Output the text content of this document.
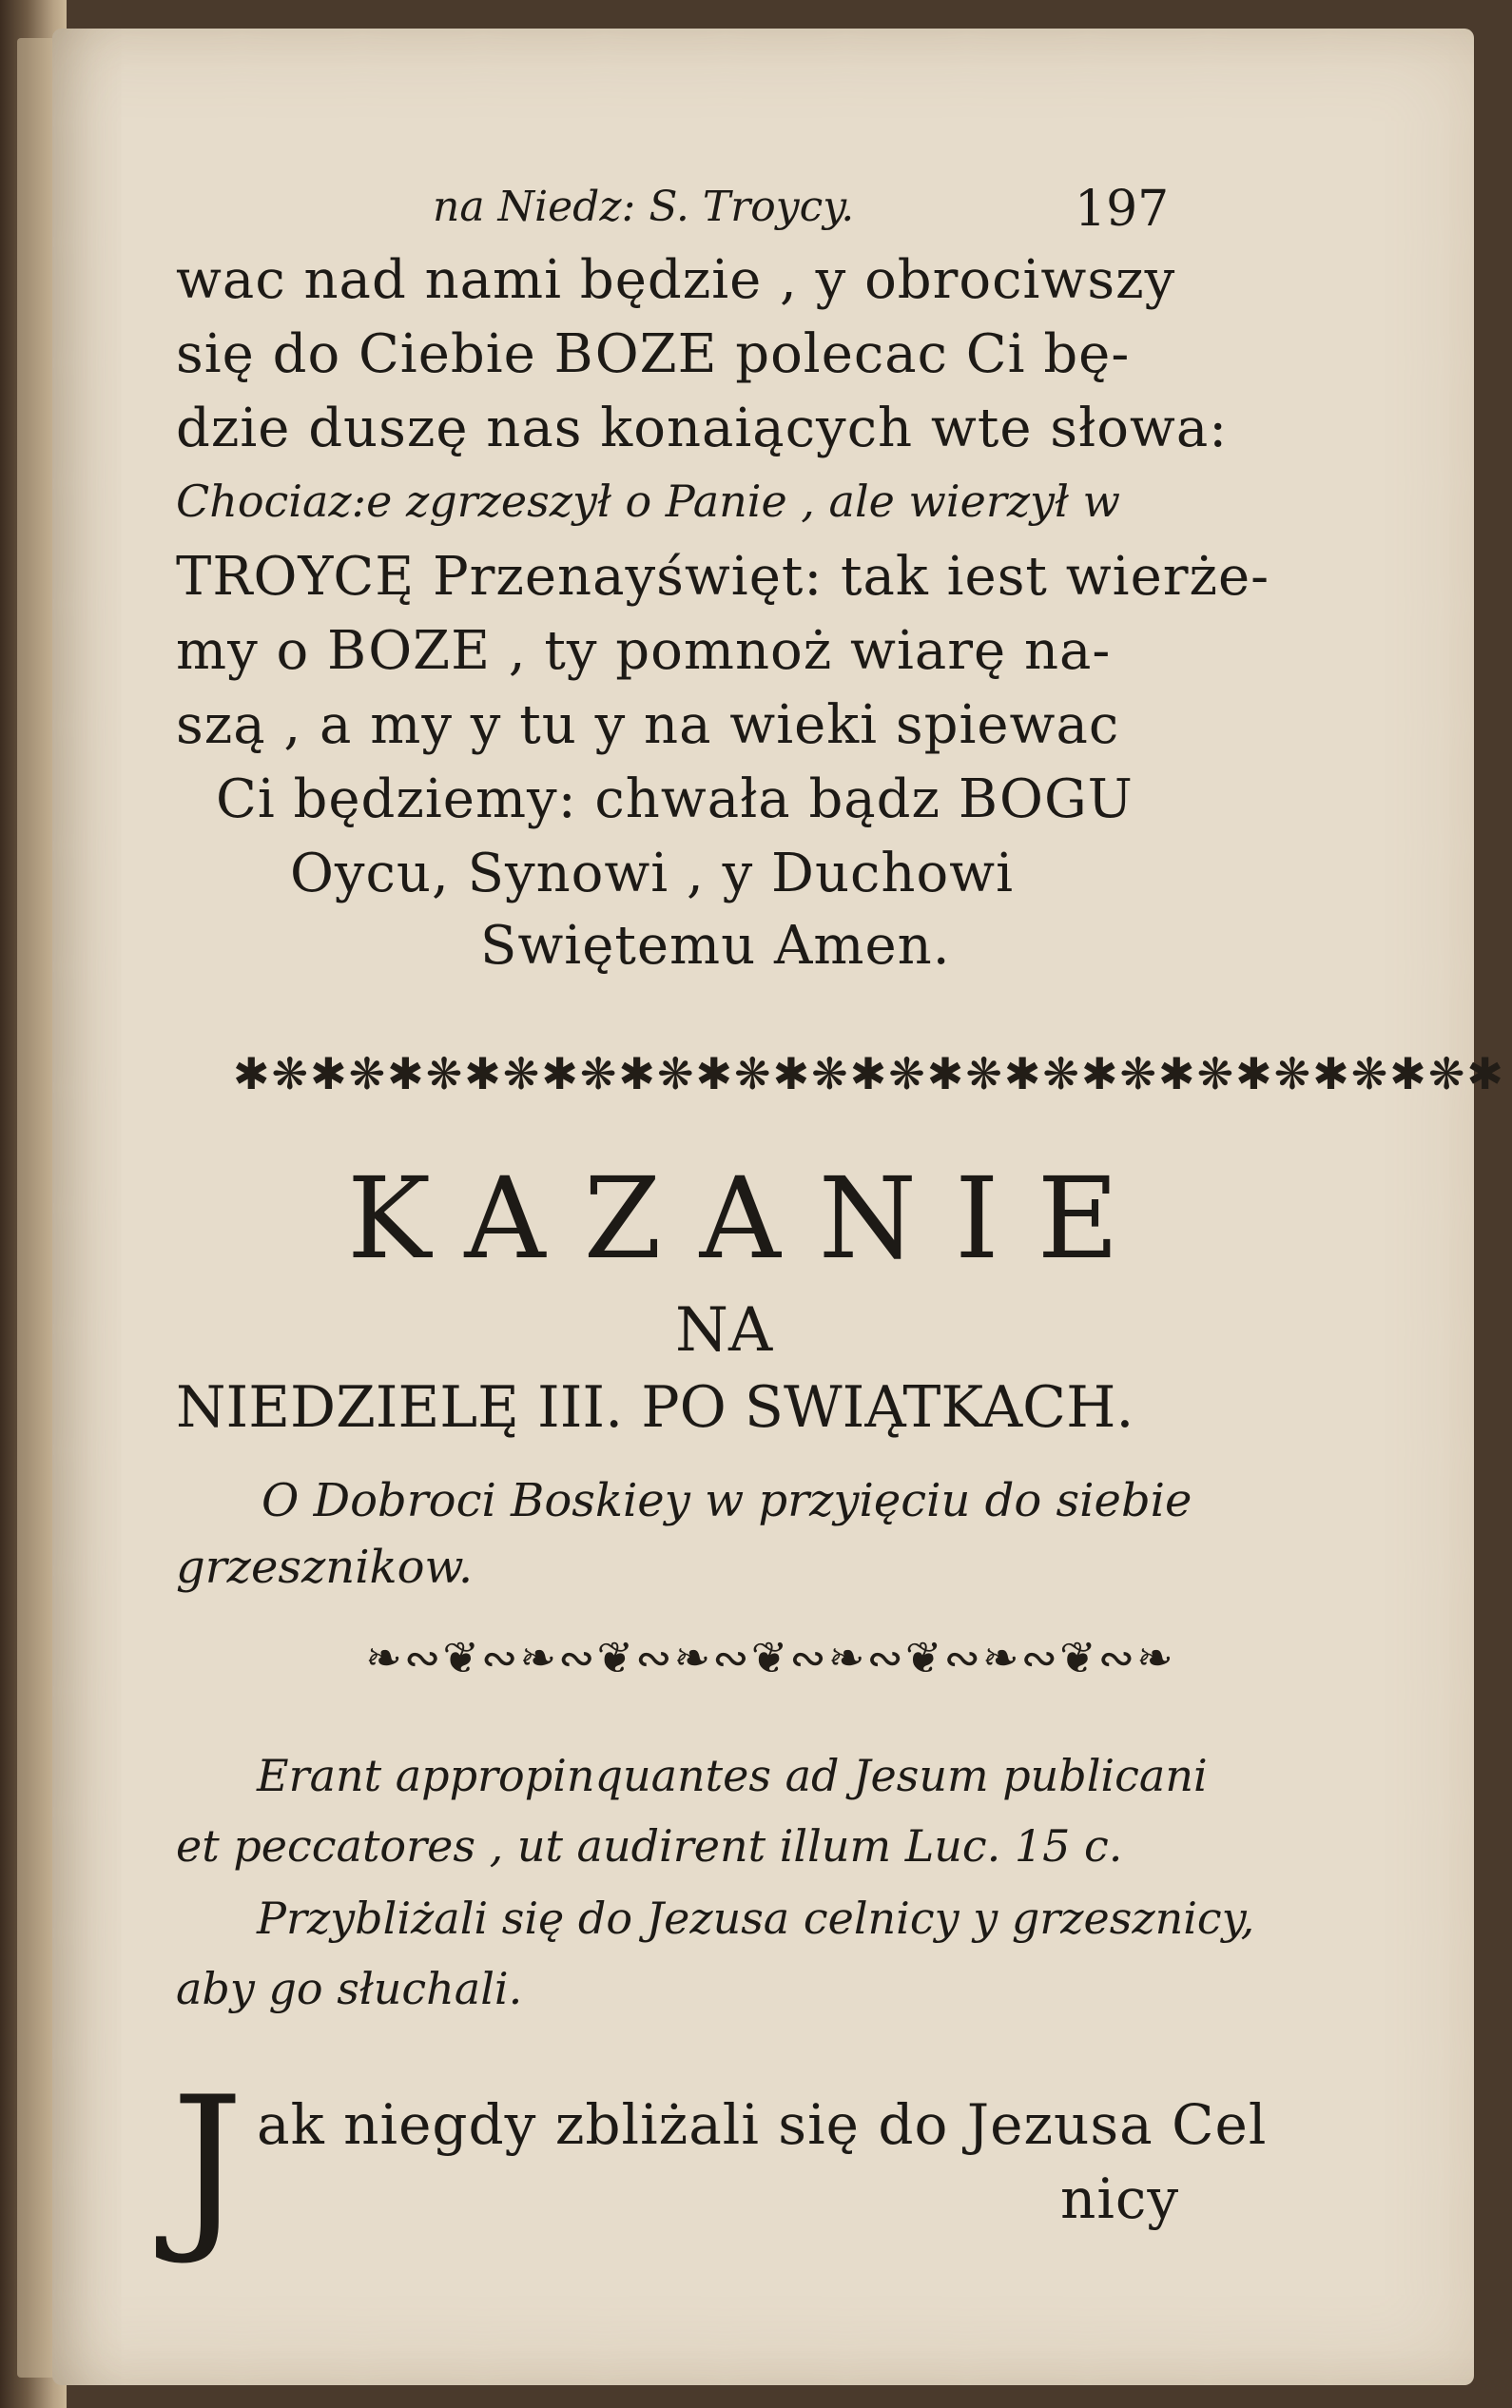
na Niedz: S. Troycy.	197
wac nad nami będzie , y obrociwszy
się do Ciebie BOZE polecac Ci bę-
dzie duszę nas konaiących wte słowa:
Chociaz:e zgrzeszył o Panie , ale wierzył w
TROYCĘ Przenayświęt: tak iest wierże-
my o BOZE , ty pomnoż wiarę na-
szą , a my y tu y na wieki spiewac
Ci będziemy: chwała bądz BOGU
Oycu, Synowi , y Duchowi
Swiętemu Amen.
✱❋✱❋✱❋✱❋✱❋✱❋✱❋✱❋✱❋✱❋✱❋✱❋✱❋✱❋✱❋✱❋✱
KAZANIE
NA
NIEDZIELĘ III. PO SWIĄTKACH.
O Dobroci Boskiey w przyięciu do siebie
grzesznikow.
❧∾❦∾❧∾❦∾❧∾❦∾❧∾❦∾❧∾❦∾❧
Erant appropinquantes ad Jesum publicani
et peccatores , ut audirent illum Luc. 15 c.
Przybliżali się do Jezusa celnicy y grzesznicy,
aby go słuchali.
J ak niegdy zbliżali się do Jezusa Cel
nicy
